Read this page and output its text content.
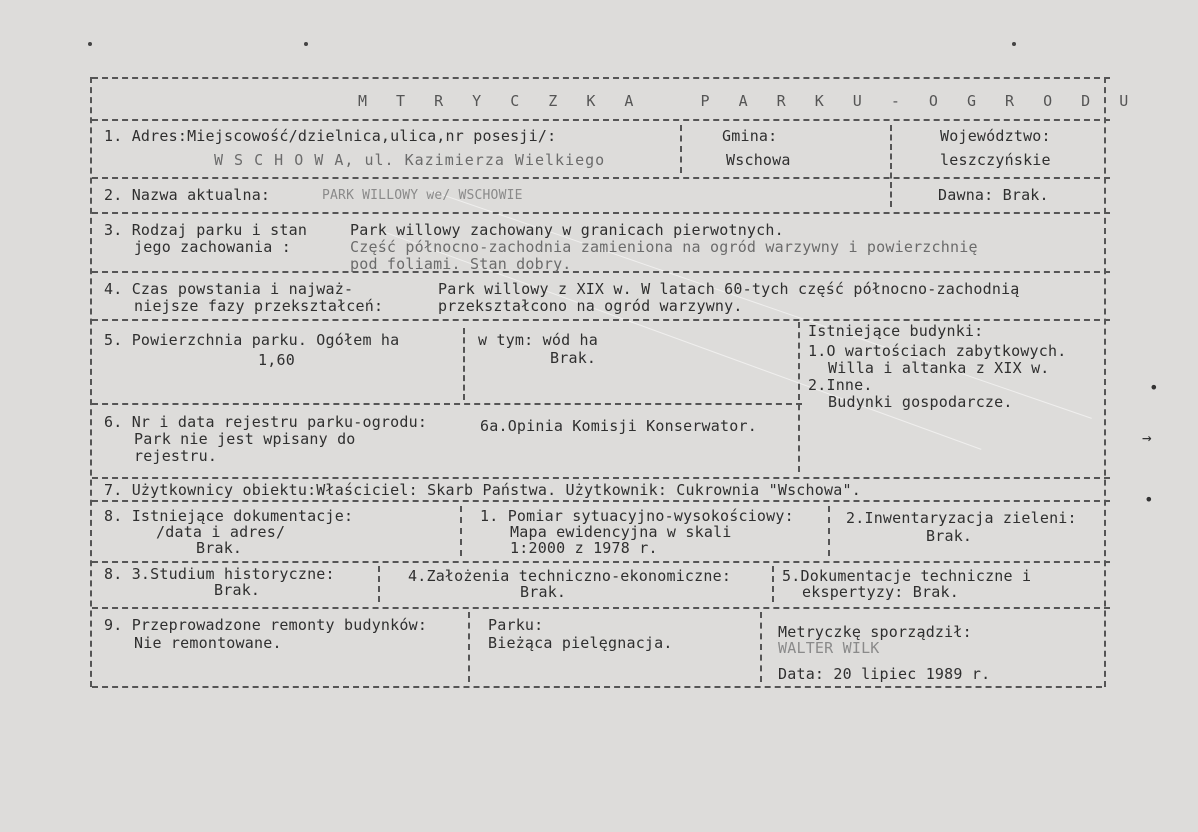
•
→
•
M T R Y C Z K A   P A R K U - O G R O D U
1. Adres:Miejscowość/dzielnica,ulica,nr posesji/:
W S C H O W A, ul. Kazimierza Wielkiego
Gmina:
Wschowa
Województwo:
leszczyńskie
2. Nazwa aktualna:	PARK WILLOWY we/ WSCHOWIE	Dawna: Brak.
3. Rodzaj parku i stan
jego zachowania :
Park willowy zachowany w granicach pierwotnych.
Część północno-zachodnia zamieniona na ogród warzywny i powierzchnię
pod foliami. Stan dobry.
4. Czas powstania i najważ-
niejsze fazy przekształceń:
Park willowy z XIX w. W latach 60-tych część północno-zachodnią
przekształcono na ogród warzywny.
5. Powierzchnia parku. Ogółem ha
1,60
w tym: wód ha
Brak.
Istniejące budynki:
1.O wartościach zabytkowych.
Willa i altanka z XIX w.
2.Inne.
Budynki gospodarcze.
6. Nr i data rejestru parku-ogrodu:
Park nie jest wpisany do
rejestru.
6a.Opinia Komisji Konserwator.
7. Użytkownicy obiektu:Właściciel: Skarb Państwa. Użytkownik: Cukrownia "Wschowa".
8. Istniejące dokumentacje:
/data i adres/
Brak.
1. Pomiar sytuacyjno-wysokościowy:
Mapa ewidencyjna w skali
1:2000 z 1978 r.
2.Inwentaryzacja zieleni:
Brak.
8. 3.Studium historyczne:
Brak.
4.Założenia techniczno-ekonomiczne:
Brak.
5.Dokumentacje techniczne i
ekspertyzy: Brak.
9. Przeprowadzone remonty budynków:
Nie remontowane.
Parku:
Bieżąca pielęgnacja.
Metryczkę sporządził:
WALTER WILK
Data: 20 lipiec 1989 r.
